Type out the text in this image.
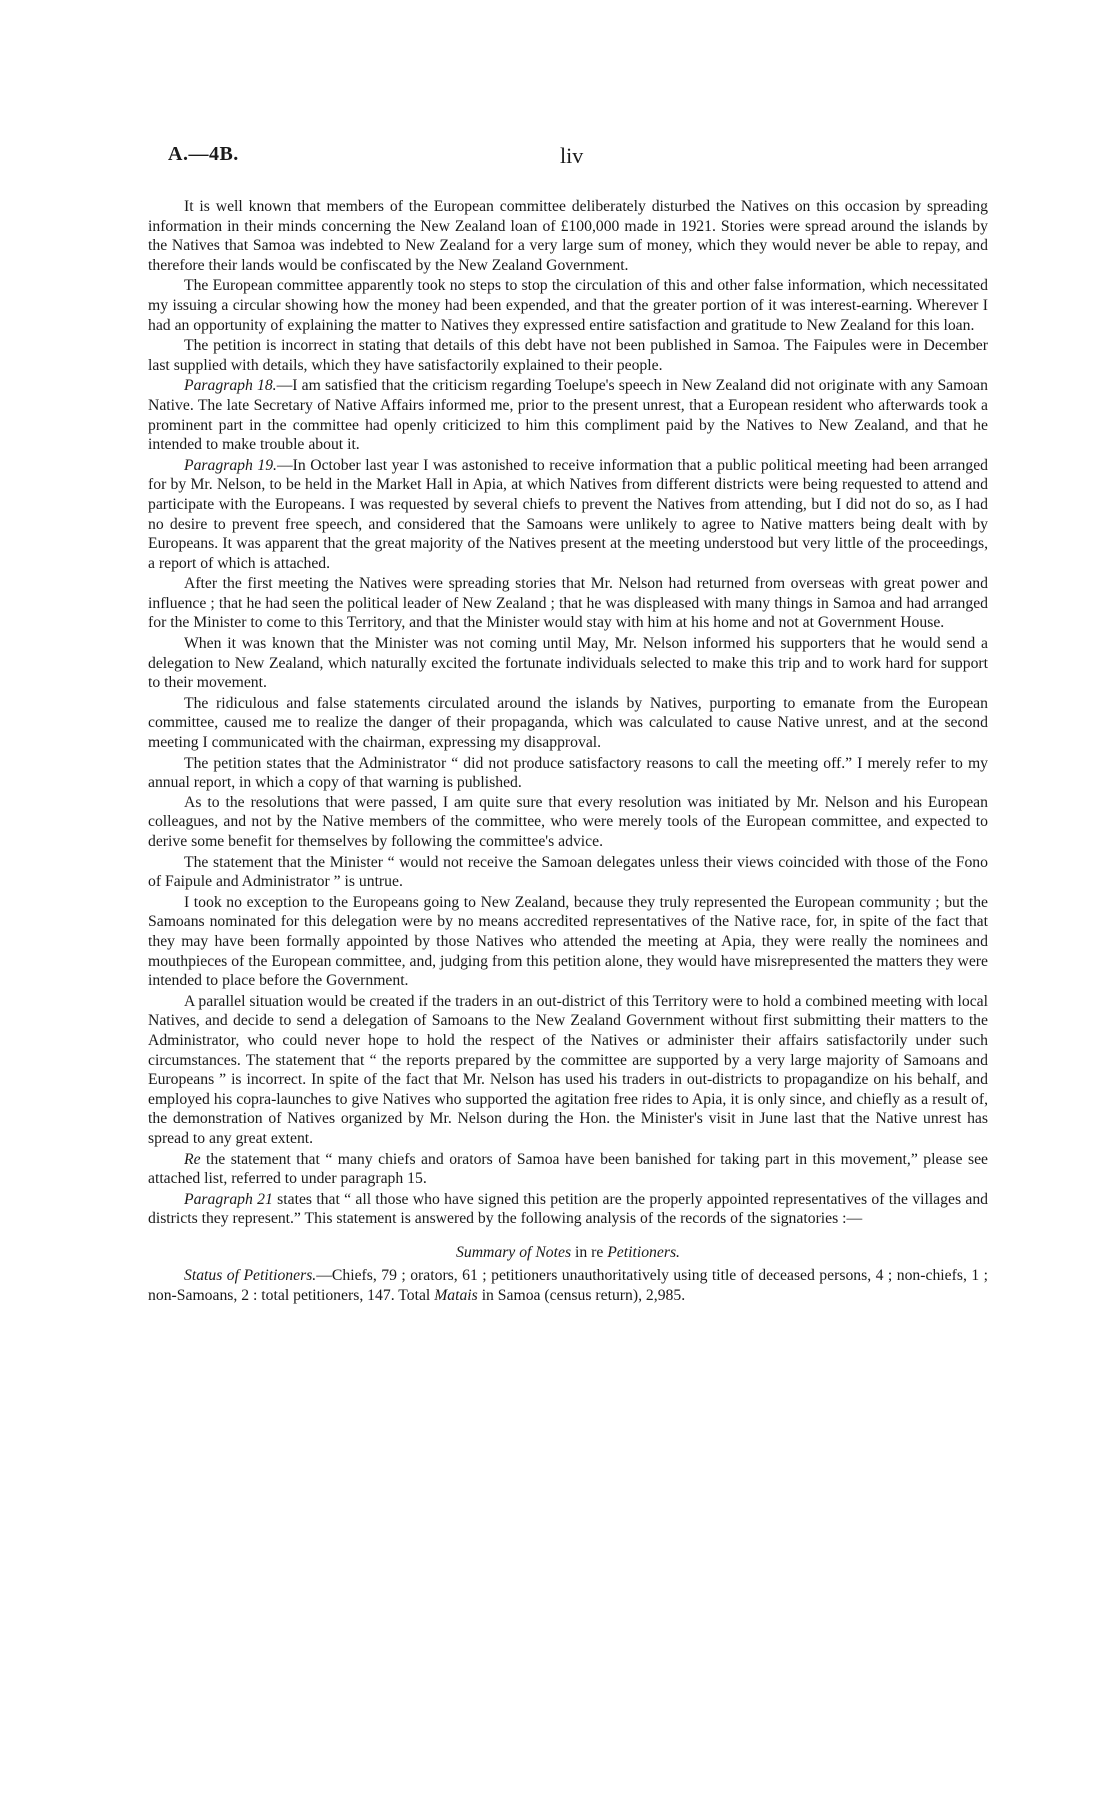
A.—4B.	liv

It is well known that members of the European committee deliberately disturbed the Natives on this occasion by spreading information in their minds concerning the New Zealand loan of £100,000 made in 1921. Stories were spread around the islands by the Natives that Samoa was indebted to New Zealand for a very large sum of money, which they would never be able to repay, and therefore their lands would be confiscated by the New Zealand Government.

The European committee apparently took no steps to stop the circulation of this and other false information, which necessitated my issuing a circular showing how the money had been expended, and that the greater portion of it was interest-earning. Wherever I had an opportunity of explaining the matter to Natives they expressed entire satisfaction and gratitude to New Zealand for this loan.

The petition is incorrect in stating that details of this debt have not been published in Samoa. The Faipules were in December last supplied with details, which they have satisfactorily explained to their people.

Paragraph 18.—I am satisfied that the criticism regarding Toelupe's speech in New Zealand did not originate with any Samoan Native. The late Secretary of Native Affairs informed me, prior to the present unrest, that a European resident who afterwards took a prominent part in the committee had openly criticized to him this compliment paid by the Natives to New Zealand, and that he intended to make trouble about it.

Paragraph 19.—In October last year I was astonished to receive information that a public political meeting had been arranged for by Mr. Nelson, to be held in the Market Hall in Apia, at which Natives from different districts were being requested to attend and participate with the Europeans. I was requested by several chiefs to prevent the Natives from attending, but I did not do so, as I had no desire to prevent free speech, and considered that the Samoans were unlikely to agree to Native matters being dealt with by Europeans. It was apparent that the great majority of the Natives present at the meeting understood but very little of the proceedings, a report of which is attached.

After the first meeting the Natives were spreading stories that Mr. Nelson had returned from overseas with great power and influence ; that he had seen the political leader of New Zealand ; that he was displeased with many things in Samoa and had arranged for the Minister to come to this Territory, and that the Minister would stay with him at his home and not at Government House.

When it was known that the Minister was not coming until May, Mr. Nelson informed his supporters that he would send a delegation to New Zealand, which naturally excited the fortunate individuals selected to make this trip and to work hard for support to their movement.

The ridiculous and false statements circulated around the islands by Natives, purporting to emanate from the European committee, caused me to realize the danger of their propaganda, which was calculated to cause Native unrest, and at the second meeting I communicated with the chairman, expressing my disapproval.

The petition states that the Administrator “ did not produce satisfactory reasons to call the meeting off.” I merely refer to my annual report, in which a copy of that warning is published.

As to the resolutions that were passed, I am quite sure that every resolution was initiated by Mr. Nelson and his European colleagues, and not by the Native members of the committee, who were merely tools of the European committee, and expected to derive some benefit for themselves by following the committee's advice.

The statement that the Minister “ would not receive the Samoan delegates unless their views coincided with those of the Fono of Faipule and Administrator ” is untrue.

I took no exception to the Europeans going to New Zealand, because they truly represented the European community ; but the Samoans nominated for this delegation were by no means accredited representatives of the Native race, for, in spite of the fact that they may have been formally appointed by those Natives who attended the meeting at Apia, they were really the nominees and mouthpieces of the European committee, and, judging from this petition alone, they would have misrepresented the matters they were intended to place before the Government.

A parallel situation would be created if the traders in an out-district of this Territory were to hold a combined meeting with local Natives, and decide to send a delegation of Samoans to the New Zealand Government without first submitting their matters to the Administrator, who could never hope to hold the respect of the Natives or administer their affairs satisfactorily under such circumstances. The statement that “ the reports prepared by the committee are supported by a very large majority of Samoans and Europeans ” is incorrect. In spite of the fact that Mr. Nelson has used his traders in out-districts to propagandize on his behalf, and employed his copra-launches to give Natives who supported the agitation free rides to Apia, it is only since, and chiefly as a result of, the demonstration of Natives organized by Mr. Nelson during the Hon. the Minister's visit in June last that the Native unrest has spread to any great extent.

Re the statement that “ many chiefs and orators of Samoa have been banished for taking part in this movement,” please see attached list, referred to under paragraph 15.

Paragraph 21 states that “ all those who have signed this petition are the properly appointed representatives of the villages and districts they represent.” This statement is answered by the following analysis of the records of the signatories :—

Summary of Notes in re Petitioners.

Status of Petitioners.—Chiefs, 79 ; orators, 61 ; petitioners unauthoritatively using title of deceased persons, 4 ; non-chiefs, 1 ; non-Samoans, 2 : total petitioners, 147. Total Matais in Samoa (census return), 2,985.
